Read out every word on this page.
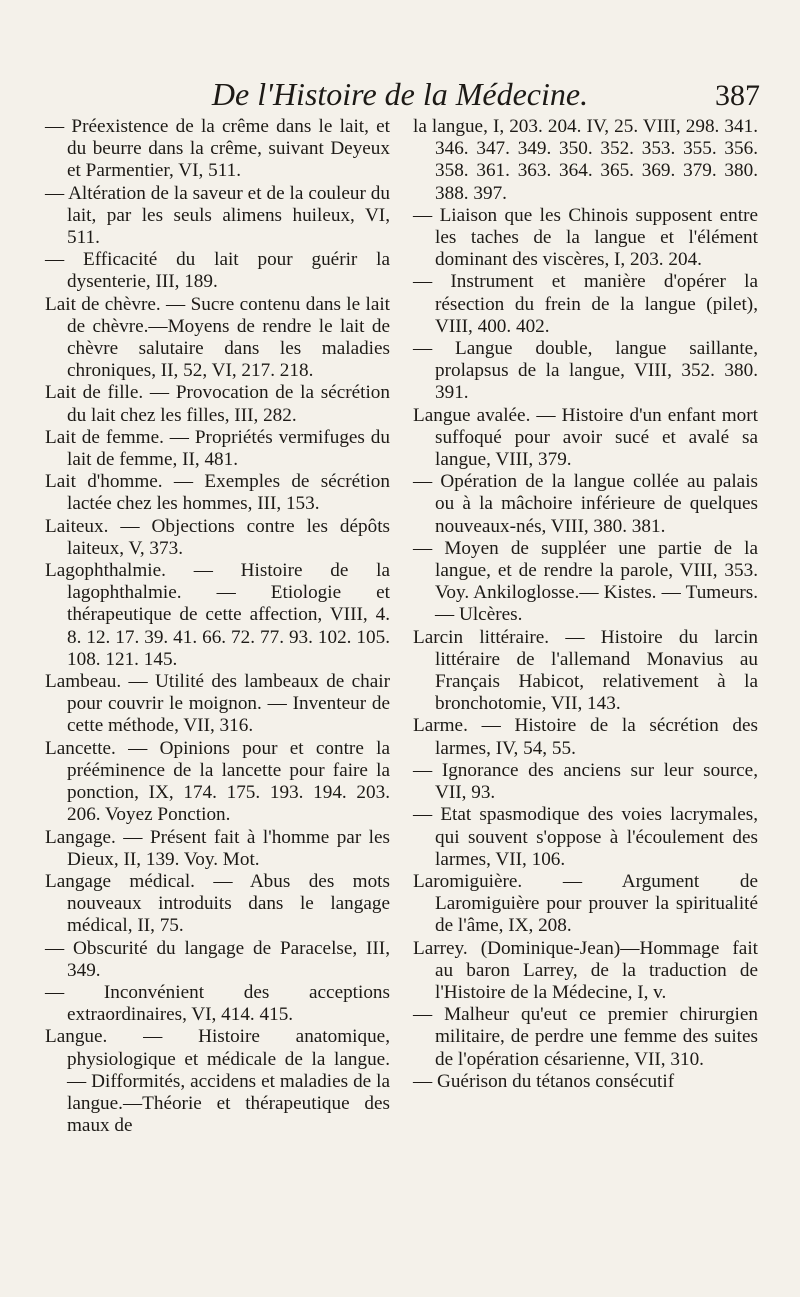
De l'Histoire de la Médecine.	387

— Préexistence de la crême dans le lait, et du beurre dans la crême, suivant Deyeux et Parmentier, VI, 511.

— Altération de la saveur et de la couleur du lait, par les seuls alimens huileux, VI, 511.

— Efficacité du lait pour guérir la dysenterie, III, 189.

Lait de chèvre. — Sucre contenu dans le lait de chèvre.—Moyens de rendre le lait de chèvre salutaire dans les maladies chroniques, II, 52, VI, 217. 218.

Lait de fille. — Provocation de la sécrétion du lait chez les filles, III, 282.

Lait de femme. — Propriétés vermifuges du lait de femme, II, 481.

Lait d'homme. — Exemples de sécrétion lactée chez les hommes, III, 153.

Laiteux. — Objections contre les dépôts laiteux, V, 373.

Lagophthalmie. — Histoire de la lagophthalmie. — Etiologie et thérapeutique de cette affection, VIII, 4. 8. 12. 17. 39. 41. 66. 72. 77. 93. 102. 105. 108. 121. 145.

Lambeau. — Utilité des lambeaux de chair pour couvrir le moignon. — Inventeur de cette méthode, VII, 316.

Lancette. — Opinions pour et contre la prééminence de la lancette pour faire la ponction, IX, 174. 175. 193. 194. 203. 206. Voyez Ponction.

Langage. — Présent fait à l'homme par les Dieux, II, 139. Voy. Mot.

Langage médical. — Abus des mots nouveaux introduits dans le langage médical, II, 75.

— Obscurité du langage de Paracelse, III, 349.

— Inconvénient des acceptions extraordinaires, VI, 414. 415.

Langue. — Histoire anatomique, physiologique et médicale de la langue. — Difformités, accidens et maladies de la langue.—Théorie et thérapeutique des maux de

la langue, I, 203. 204. IV, 25. VIII, 298. 341. 346. 347. 349. 350. 352. 353. 355. 356. 358. 361. 363. 364. 365. 369. 379. 380. 388. 397.

— Liaison que les Chinois supposent entre les taches de la langue et l'élément dominant des viscères, I, 203. 204.

— Instrument et manière d'opérer la résection du frein de la langue (pilet), VIII, 400. 402.

— Langue double, langue saillante, prolapsus de la langue, VIII, 352. 380. 391.

Langue avalée. — Histoire d'un enfant mort suffoqué pour avoir sucé et avalé sa langue, VIII, 379.

— Opération de la langue collée au palais ou à la mâchoire inférieure de quelques nouveaux-nés, VIII, 380. 381.

— Moyen de suppléer une partie de la langue, et de rendre la parole, VIII, 353. Voy. Ankiloglosse.— Kistes. — Tumeurs. — Ulcères.

Larcin littéraire. — Histoire du larcin littéraire de l'allemand Monavius au Français Habicot, relativement à la bronchotomie, VII, 143.

Larme. — Histoire de la sécrétion des larmes, IV, 54, 55.

— Ignorance des anciens sur leur source, VII, 93.

— Etat spasmodique des voies lacrymales, qui souvent s'oppose à l'écoulement des larmes, VII, 106.

Laromiguière. — Argument de Laromiguière pour prouver la spiritualité de l'âme, IX, 208.

Larrey. (Dominique-Jean)—Hommage fait au baron Larrey, de la traduction de l'Histoire de la Médecine, I, v.

— Malheur qu'eut ce premier chirurgien militaire, de perdre une femme des suites de l'opération césarienne, VII, 310.

— Guérison du tétanos consécutif
